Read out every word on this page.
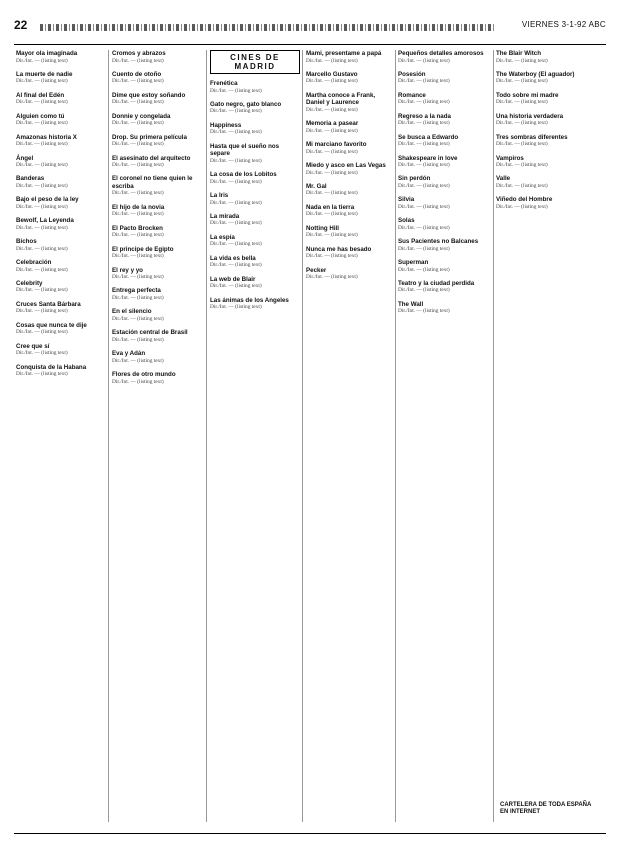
22	VIERNES 3-1-92 ABC
Mayor ola imaginada
Dir./Int. — (listing text)
La muerte de nadie
Dir./Int. — (listing text)
Al final del Edén
Dir./Int. — (listing text)
Alguien como tú
Dir./Int. — (listing text)
Amazonas historia X
Dir./Int. — (listing text)
Ángel
Dir./Int. — (listing text)
Banderas
Dir./Int. — (listing text)
Bajo el peso de la ley
Dir./Int. — (listing text)
Bewolf, La Leyenda
Dir./Int. — (listing text)
Bichos
Dir./Int. — (listing text)
Celebración
Dir./Int. — (listing text)
Celebrity
Dir./Int. — (listing text)
Cruces Santa Bárbara
Dir./Int. — (listing text)
Cosas que nunca te dije
Dir./Int. — (listing text)
Cree que sí
Dir./Int. — (listing text)
Conquista de la Habana
Dir./Int. — (listing text)
Cromos y abrazos
Dir./Int. — (listing text)
Cuento de otoño
Dir./Int. — (listing text)
Dime que estoy soñando
Dir./Int. — (listing text)
Donnie y congelada
Dir./Int. — (listing text)
Drop. Su primera película
Dir./Int. — (listing text)
El asesinato del arquitecto
Dir./Int. — (listing text)
El coronel no tiene quien le escriba
Dir./Int. — (listing text)
El hijo de la novia
Dir./Int. — (listing text)
El Pacto Brocken
Dir./Int. — (listing text)
El principe de Egipto
Dir./Int. — (listing text)
El rey y yo
Dir./Int. — (listing text)
Entrega perfecta
Dir./Int. — (listing text)
En el silencio
Dir./Int. — (listing text)
Estación central de Brasil
Dir./Int. — (listing text)
Eva y Adán
Dir./Int. — (listing text)
Flores de otro mundo
Dir./Int. — (listing text)
CINES DE MADRID
Frenética
Dir./Int. — (listing text)
Gato negro, gato blanco
Dir./Int. — (listing text)
Happiness
Dir./Int. — (listing text)
Hasta que el sueño nos separe
Dir./Int. — (listing text)
La cosa de los Lobitos
Dir./Int. — (listing text)
La Iris
Dir./Int. — (listing text)
La mirada
Dir./Int. — (listing text)
La espía
Dir./Int. — (listing text)
La vida es bella
Dir./Int. — (listing text)
La web de Blair
Dir./Int. — (listing text)
Las ánimas de los Angeles
Dir./Int. — (listing text)
Mami, presentame a papá
Dir./Int. — (listing text)
Marcello Gustavo
Dir./Int. — (listing text)
Martha conoce a Frank, Daniel y Laurence
Dir./Int. — (listing text)
Memoria a pasear
Dir./Int. — (listing text)
Mi marciano favorito
Dir./Int. — (listing text)
Miedo y asco en Las Vegas
Dir./Int. — (listing text)
Mr. Gal
Dir./Int. — (listing text)
Nada en la tierra
Dir./Int. — (listing text)
Notting Hill
Dir./Int. — (listing text)
Nunca me has besado
Dir./Int. — (listing text)
Pecker
Dir./Int. — (listing text)
Pequeños detalles amorosos
Dir./Int. — (listing text)
Posesión
Dir./Int. — (listing text)
Romance
Dir./Int. — (listing text)
Regreso a la nada
Dir./Int. — (listing text)
Se busca a Edwardo
Dir./Int. — (listing text)
Shakespeare in love
Dir./Int. — (listing text)
Sin perdón
Dir./Int. — (listing text)
Silvia
Dir./Int. — (listing text)
Solas
Dir./Int. — (listing text)
Sus Pacientes no Balcanes
Dir./Int. — (listing text)
Superman
Dir./Int. — (listing text)
Teatro y la ciudad perdida
Dir./Int. — (listing text)
The Wall
Dir./Int. — (listing text)
The Blair Witch
Dir./Int. — (listing text)
The Waterboy (El aguador)
Dir./Int. — (listing text)
Todo sobre mi madre
Dir./Int. — (listing text)
Una historia verdadera
Dir./Int. — (listing text)
Tres sombras diferentes
Dir./Int. — (listing text)
Vampiros
Dir./Int. — (listing text)
Valle
Dir./Int. — (listing text)
Viñedo del Hombre
Dir./Int. — (listing text)
CARTELERA DE TODA ESPAÑA EN INTERNET
